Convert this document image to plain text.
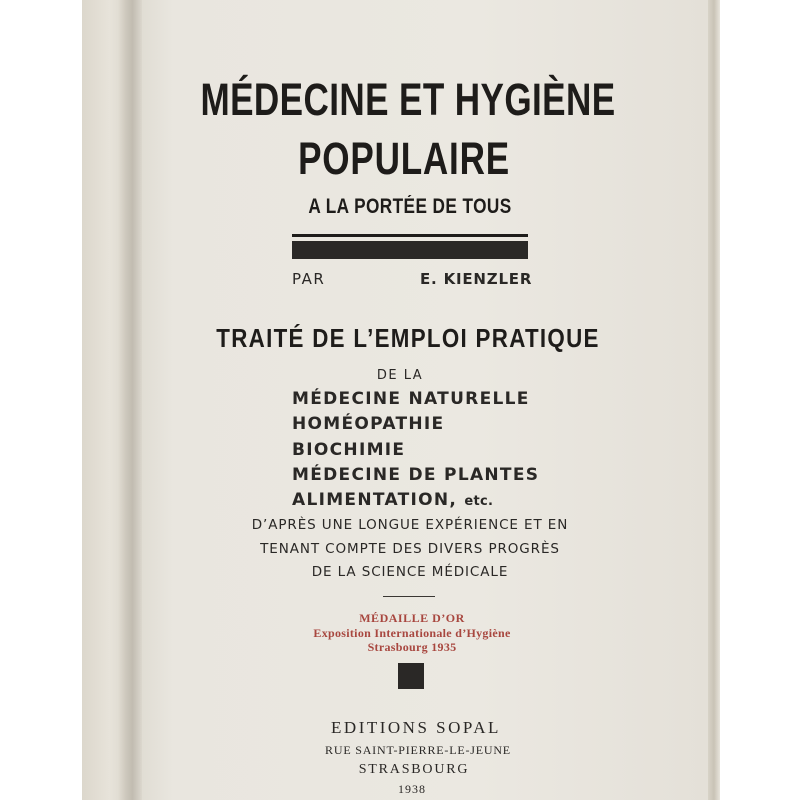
MÉDECINE ET HYGIÈNE
POPULAIRE
A LA PORTÉE DE TOUS
PAR	E. KIENZLER
TRAITÉ DE L’EMPLOI PRATIQUE
DE LA
MÉDECINE NATURELLE
HOMÉOPATHIE
BIOCHIMIE
MÉDECINE DE PLANTES
ALIMENTATION, etc.
D’APRÈS UNE LONGUE EXPÉRIENCE ET EN
TENANT COMPTE DES DIVERS PROGRÈS
DE LA SCIENCE MÉDICALE
MÉDAILLE D’OR
Exposition Internationale d’Hygiène
Strasbourg 1935
EDITIONS SOPAL
RUE SAINT-PIERRE-LE-JEUNE
STRASBOURG
1938
